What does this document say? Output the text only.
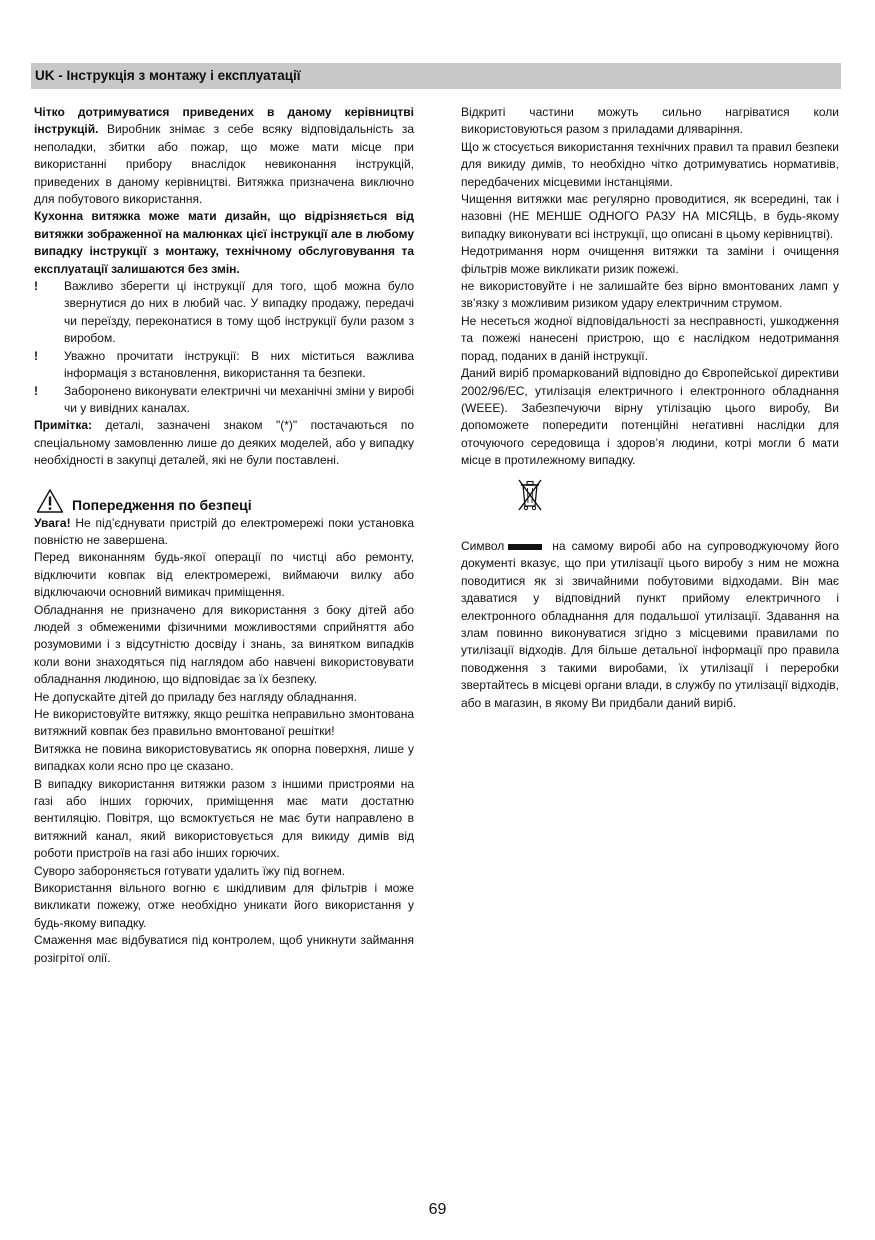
UK - Інструкція з монтажу і експлуатації

Чітко дотримуватися приведених в даному керівництві інструкцій. Виробник знімає з себе всяку відповідальність за неполадки, збитки або пожар, що може мати місце при використанні прибору внаслідок невиконання інструкцій, приведених в даному керівництві. Витяжка призначена виключно для побутового використання.

Кухонна витяжка може мати дизайн, що відрізняється від витяжки зображенної на малюнках цієї інструкції але в любому випадку інструкції з монтажу, технічному обслуговування та експлуатації залишаются без змін.

! Важливо зберегти ці інструкції для того, щоб можна було звернутися до них в любий час. У випадку продажу, передачі чи переїзду, переконатися в тому щоб інструкції були разом з виробом.
! Уважно прочитати інструкції: В них міститься важлива інформація з встановлення, використання та безпеки.
! Заборонено виконувати електричні чи механічні зміни у виробі чи у вивідних каналах.

Примітка: деталі, зазначені знаком "(*)" постачаються по спеціальному замовленню лише до деяких моделей, або у випадку необхідності в закупці деталей, які не були поставлені.

Попередження по безпеці

Увага! Не під’єднувати пристрій до електромережі поки установка повністю не завершена.

Перед виконанням будь-якої операції по чистці або ремонту, відключити ковпак від електромережі, виймаючи вилку або відключаючи основний вимикач приміщення.

Обладнання не призначено для використання з боку дітей або людей з обмеженими фізичними можливостями сприйняття або розумовими і з відсутністю досвіду і знань, за винятком випадків коли вони знаходяться під наглядом або навчені використовувати обладнання людиною, що відповідає за їх безпеку.

Не допускайте дітей до приладу без нагляду обладнання.

Не використовуйте витяжку, якщо решітка неправильно змонтована витяжний ковпак без правильно вмонтованої решітки!

Витяжка не повина використовуватись як опорна поверхня, лише у випадках коли ясно про це сказано.

В випадку використання витяжки разом з іншими пристроями на газі або інших горючих, приміщення має мати достатню вентиляцію. Повітря, що всмоктується не має бути направлено в витяжний канал, який використовується для викиду димів від роботи пристроїв на газі або інших горючих.

Суворо забороняється готувати удалить їжу під вогнем.

Використання вільного вогню є шкідливим для фільтрів і може викликати пожежу, отже необхідно уникати його використання у будь-якому випадку.

Смаження має відбуватися під контролем, щоб уникнути займання розігрітої олії.

Відкриті частини можуть сильно нагріватися коли використовуються разом з приладами дляваріння.

Що ж стосується використання технічних правил та правил безпеки для викиду димів, то необхідно чітко дотримуватись нормативів, передбачених місцевими інстанціями.

Чищення витяжки має регулярно проводитися, як всередині, так і назовні (НЕ МЕНШЕ ОДНОГО РАЗУ НА МІСЯЦЬ, в будь-якому випадку виконувати всі інструкції, що описані в цьому керівництві).

Недотримання норм очищення витяжки та заміни і очищення фільтрів може викликати ризик пожежі.

не використовуйте і не залишайте без вірно вмонтованих ламп у зв’язку з можливим ризиком удару електричним струмом.

Не несеться жодної відповідальності за несправності, ушкодження та пожежі нанесені пристрою, що є наслідком недотримання порад, поданих в даній інструкції.

Даний виріб промаркований відповідно до Європейської директиви 2002/96/ЕС, утилізація електричного і електронного обладнання (WEEE). Забезпечуючи вірну утілізацію цього виробу, Ви допоможете попередити потенційні негативні наслідки для оточуючого середовища і здоров’я людини, котрі могли б мати місце в протилежному випадку.

Символ	на самому виробі або на супроводжуючому його документі вказує, що при утилізації цього виробу з ним не можна поводитися як зі звичайними побутовими відходами. Він має здаватися у відповідний пункт прийому електричного і електронного обладнання для подальшої утилізації. Здавання на злам повинно виконуватися згідно з місцевими правилами по утилізації відходів. Для більше детальної інформації про правила поводження з такими виробами, їх утилізації і переробки звертайтесь в місцеві органи влади, в службу по утилізації відходів, або в магазин, в якому Ви придбали даний виріб.

69
